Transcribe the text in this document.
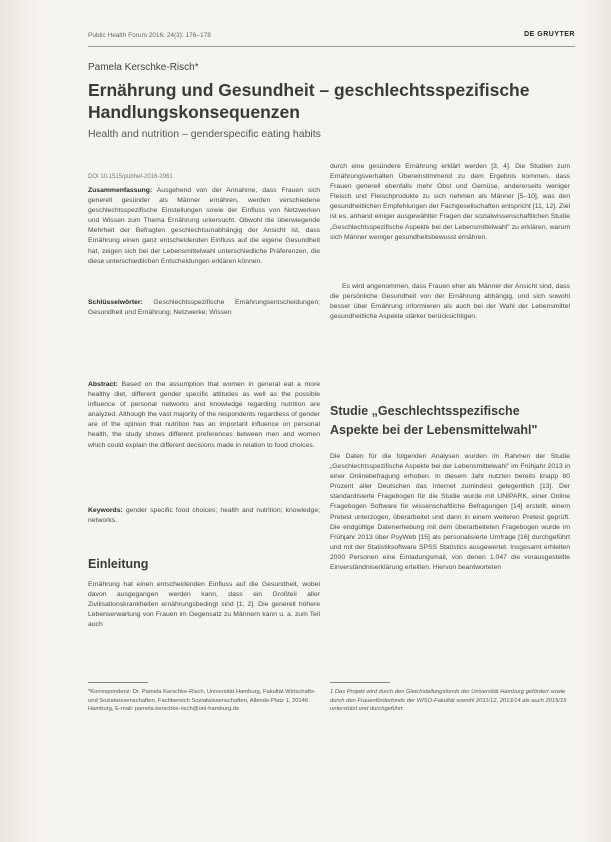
Public Health Forum 2016; 24(3): 176–178	DE GRUYTER
Pamela Kerschke-Risch*
Ernährung und Gesundheit – geschlechtsspezifische Handlungskonsequenzen
Health and nutrition – genderspecific eating habits
DOI 10.1515/pubhef-2016-2061
Zusammenfassung: Ausgehend von der Annahme, dass Frauen sich generell gesünder als Männer ernähren, werden verschiedene geschlechtsspezifische Einstellungen sowie der Einfluss von Netzwerken und Wissen zum Thema Ernährung untersucht. Obwohl die überwiegende Mehrheit der Befragten geschlechtsunabhängig der Ansicht ist, dass Ernährung einen ganz entscheidenden Einfluss auf die eigene Gesundheit hat, zeigen sich bei der Lebensmittelwahl unterschiedliche Präferenzen, die diese unterschiedlichen Entscheidungen erklären können.
Schlüsselwörter: Geschlechtsspezifische Ernährungsentscheidungen; Gesundheit und Ernährung; Netzwerke; Wissen
Abstract: Based on the assumption that women in general eat a more healthy diet, different gender specific attitudes as well as the possible influence of personal networks and knowledge regarding nutrition are analyzed. Although the vast majority of the respondents regardless of gender are of the opinion that nutrition has an important influence on personal health, the study shows different preferences between men and women which could explain the different decisions made in relation to food choices.
Keywords: gender specific food choices; health and nutrition; knowledge; networks.
Einleitung
Ernährung hat einen entscheidenden Einfluss auf die Gesundheit, wobei davon ausgegangen werden kann, dass ein Großteil aller Zivilisationskrankheiten ernährungsbedingt sind [1, 2]. Die generell höhere Lebenserwartung von Frauen im Gegensatz zu Männern kann u. a. zum Teil auch
durch eine gesündere Ernährung erklärt werden [3, 4]. Die Studien zum Ernährungsverhalten Übereinstimmend zu dem Ergebnis kommen, dass Frauen generell ebenfalls mehr Obst und Gemüse, andererseits weniger Fleisch und Fleischprodukte zu sich nehmen als Männer [5–10], was den gesundheitlichen Empfehlungen der Fachgesellschaften entspricht [11, 12]. Ziel ist es, anhand einiger ausgewählter Fragen der sozialwissenschaftlichen Studie „Geschlechtsspezifische Aspekte bei der Lebensmittelwahl" zu erklären, warum sich Männer weniger gesundheitsbewusst ernähren.
Es wird angenommen, dass Frauen eher als Männer der Ansicht sind, dass die persönliche Gesundheit von der Ernährung abhängig, und sich sowohl besser über Ernährung informieren als auch bei der Wahl der Lebensmittel gesundheitliche Aspekte stärker berücksichtigen.
Studie „Geschlechtsspezifische Aspekte bei der Lebensmittelwahl"
Die Daten für die folgenden Analysen wurden im Rahmen der Studie „Geschlechtsspezifische Aspekte bei der Lebensmittelwahl" im Frühjahr 2013 in einer Onlinebefragung erhoben. In diesem Jahr nutzten bereits knapp 80 Prozent aller Deutschen das Internet zumindest gelegentlich [13]. Der standardisierte Fragebogen für die Studie wurde mit UNIPARK, einer Online Fragebogen Software für wissenschaftliche Befragungen [14] erstellt, einem Pretest unterzogen, überarbeitet und dann in einem weiteren Pretest geprüft. Die endgültige Datenerhebung mit dem überarbeiteten Fragebogen wurde im Frühjahr 2013 über PsyWeb [15] als personalisierte Umfrage [16] durchgeführt und mit der Statistiksoftware SPSS Statistics ausgewertet. Insgesamt erhielten 2000 Personen eine Einladungsmail, von denen 1.047 die vorausgestellte Einverständniserklärung erteilten. Hiervon beantworteten
*Korrespondenz: Dr. Pamela Kerschke-Risch, Universität Hamburg, Fakultät Wirtschafts- und Sozialwissenschaften, Fachbereich Sozialwissenschaften, Allende-Platz 1, 20146 Hamburg, E-mail: pamela.kerschke-risch@uni-hamburg.de
1 Das Projekt wird durch den Gleichstellungsfonds der Universität Hamburg gefördert sowie durch den Frauenförderfonds der WISO-Fakultät sowohl 2011/12, 2013/14 als auch 2015/16 unterstützt und durchgeführt.
